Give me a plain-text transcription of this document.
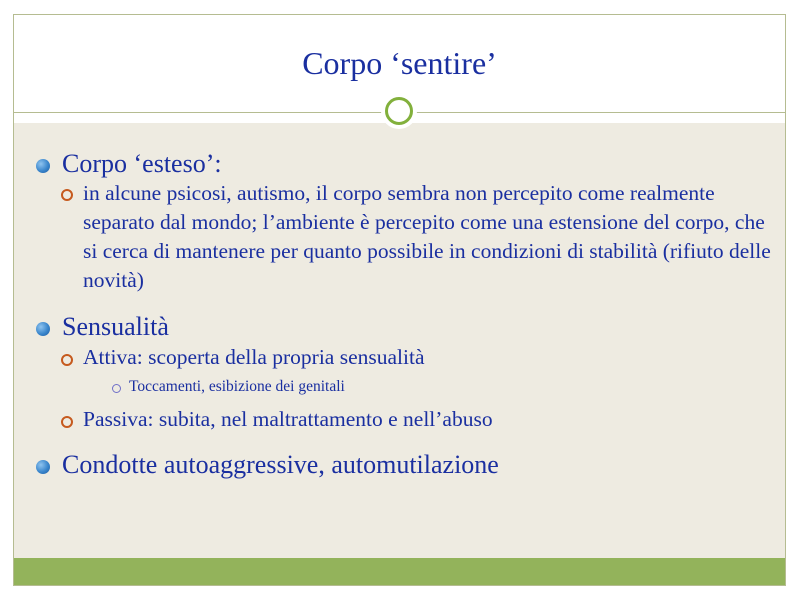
Corpo ‘sentire’
Corpo ‘esteso’:
in alcune psicosi, autismo, il corpo sembra non percepito come realmente separato dal mondo; l’ambiente è percepito come una estensione del corpo, che si cerca di mantenere per quanto possibile in condizioni di stabilità (rifiuto delle novità)
Sensualità
Attiva: scoperta della propria sensualità
Toccamenti, esibizione dei genitali
Passiva: subita, nel maltrattamento e nell’abuso
Condotte autoaggressive, automutilazione
